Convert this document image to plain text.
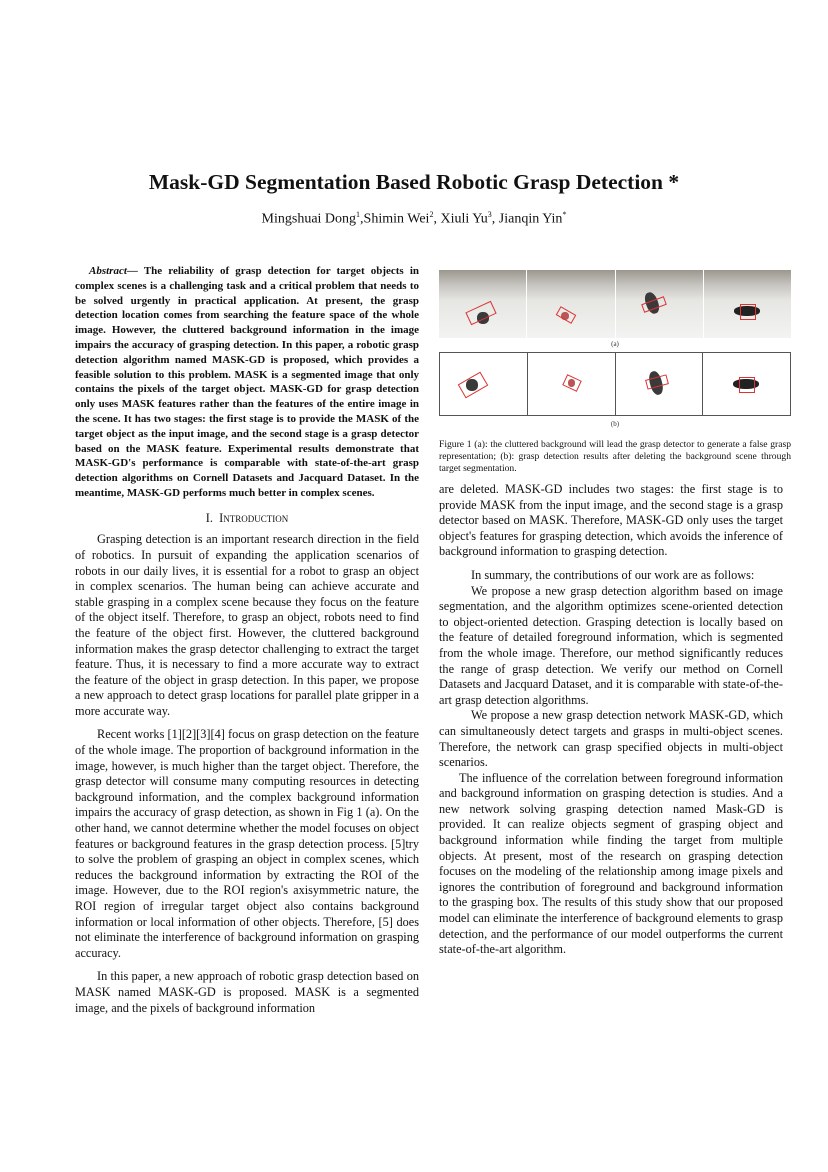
Mask-GD Segmentation Based Robotic Grasp Detection *
Mingshuai Dong$^1$,Shimin Wei$^2$, Xiuli Yu$^3$, Jianqin Yin*

Abstract— The reliability of grasp detection for target objects in complex scenes is a challenging task and a critical problem that needs to be solved urgently in practical application. At present, the grasp detection location comes from searching the feature space of the whole image. However, the cluttered background information in the image impairs the accuracy of grasping detection. In this paper, a robotic grasp detection algorithm named MASK-GD is proposed, which provides a feasible solution to this problem. MASK is a segmented image that only contains the pixels of the target object. MASK-GD for grasp detection only uses MASK features rather than the features of the entire image in the scene. It has two stages: the first stage is to provide the MASK of the target object as the input image, and the second stage is a grasp detector based on the MASK feature. Experimental results demonstrate that MASK-GD's performance is comparable with state-of-the-art grasp detection algorithms on Cornell Datasets and Jacquard Dataset. In the meantime, MASK-GD performs much better in complex scenes.

I. Introduction

Grasping detection is an important research direction in the field of robotics. In pursuit of expanding the application scenarios of robots in our daily lives, it is essential for a robot to grasp an object in complex scenarios. The human being can achieve accurate and stable grasping in a complex scene because they focus on the feature of the object itself. Therefore, to grasp an object, robots need to find the feature of the object first. However, the cluttered background information makes the grasp detector challenging to extract the target feature. Thus, it is necessary to find a more accurate way to extract the feature of the object in grasp detection. In this paper, we propose a new approach to detect grasp locations for parallel plate gripper in a more accurate way.

Recent works [1][2][3][4] focus on grasp detection on the feature of the whole image. The proportion of background information in the image, however, is much higher than the target object. Therefore, the grasp detector will consume many computing resources in detecting background information, and the complex background information impairs the accuracy of grasp detection, as shown in Fig 1 (a). On the other hand, we cannot determine whether the model focuses on object features or background features in the grasp detection process. [5]try to solve the problem of grasping an object in complex scenes, which reduces the background information by extracting the ROI of the image. However, due to the ROI region's axisymmetric nature, the ROI region of irregular target object also contains background information or local information of other objects. Therefore, [5] does not eliminate the interference of background information on grasping accuracy.

In this paper, a new approach of robotic grasp detection based on MASK named MASK-GD is proposed. MASK is a segmented image, and the pixels of background information

(a)
(b)
Figure 1 (a): the cluttered background will lead the grasp detector to generate a false grasp representation; (b): grasp detection results after deleting the background scene through target segmentation.

are deleted. MASK-GD includes two stages: the first stage is to provide MASK from the input image, and the second stage is a grasp detector based on MASK. Therefore, MASK-GD only uses the target object's features for grasping detection, which avoids the inference of background information to grasping detection.

In summary, the contributions of our work are as follows:

We propose a new grasp detection algorithm based on image segmentation, and the algorithm optimizes scene-oriented detection to object-oriented detection. Grasping detection is locally based on the feature of detailed foreground information, which is segmented from the whole image. Therefore, our method significantly reduces the range of grasp detection. We verify our method on Cornell Datasets and Jacquard Dataset, and it is comparable with state-of-the-art grasp detection algorithms.

We propose a new grasp detection network MASK-GD, which can simultaneously detect targets and grasps in multi-object scenes. Therefore, the network can grasp specified objects in multi-object scenarios.

The influence of the correlation between foreground information and background information on grasping detection is studies. And a new network solving grasping detection named Mask-GD is provided. It can realize objects segment of grasping object and background information while finding the target from multiple objects. At present, most of the research on grasping detection focuses on the modeling of the relationship among image pixels and ignores the contribution of foreground and background information to the grasping box. The results of this study show that our proposed model can eliminate the interference of background elements to grasp detection, and the performance of our model outperforms the current state-of-the-art algorithm.
